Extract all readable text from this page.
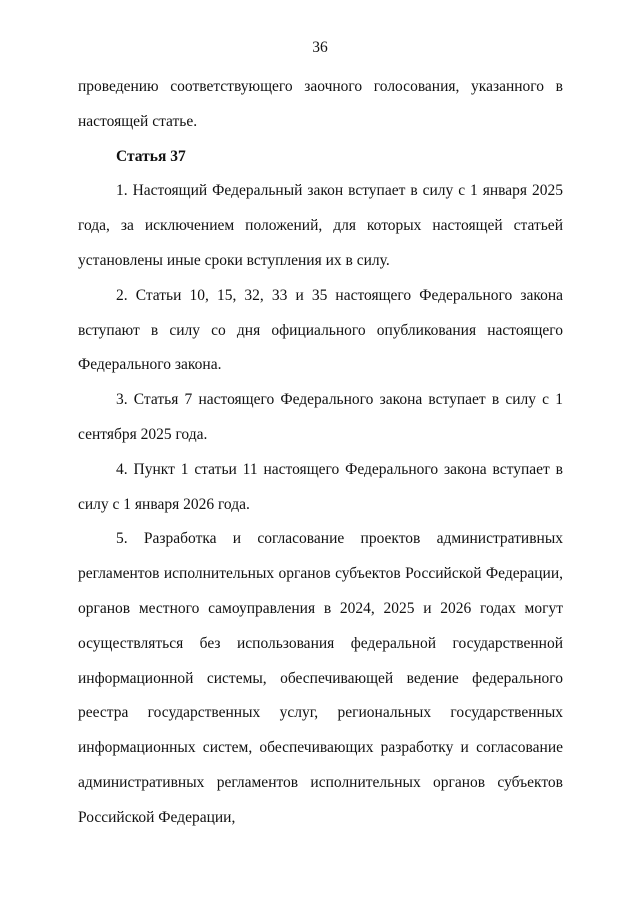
36

проведению соответствующего заочного голосования, указанного в настоящей статье.

Статья 37

1. Настоящий Федеральный закон вступает в силу с 1 января 2025 года, за исключением положений, для которых настоящей статьей установлены иные сроки вступления их в силу.

2. Статьи 10, 15, 32, 33 и 35 настоящего Федерального закона вступают в силу со дня официального опубликования настоящего Федерального закона.

3. Статья 7 настоящего Федерального закона вступает в силу с 1 сентября 2025 года.

4. Пункт 1 статьи 11 настоящего Федерального закона вступает в силу с 1 января 2026 года.

5. Разработка и согласование проектов административных регламентов исполнительных органов субъектов Российской Федерации, органов местного самоуправления в 2024, 2025 и 2026 годах могут осуществляться без использования федеральной государственной информационной системы, обеспечивающей ведение федерального реестра государственных услуг, региональных государственных информационных систем, обеспечивающих разработку и согласование административных регламентов исполнительных органов субъектов Российской Федерации,
